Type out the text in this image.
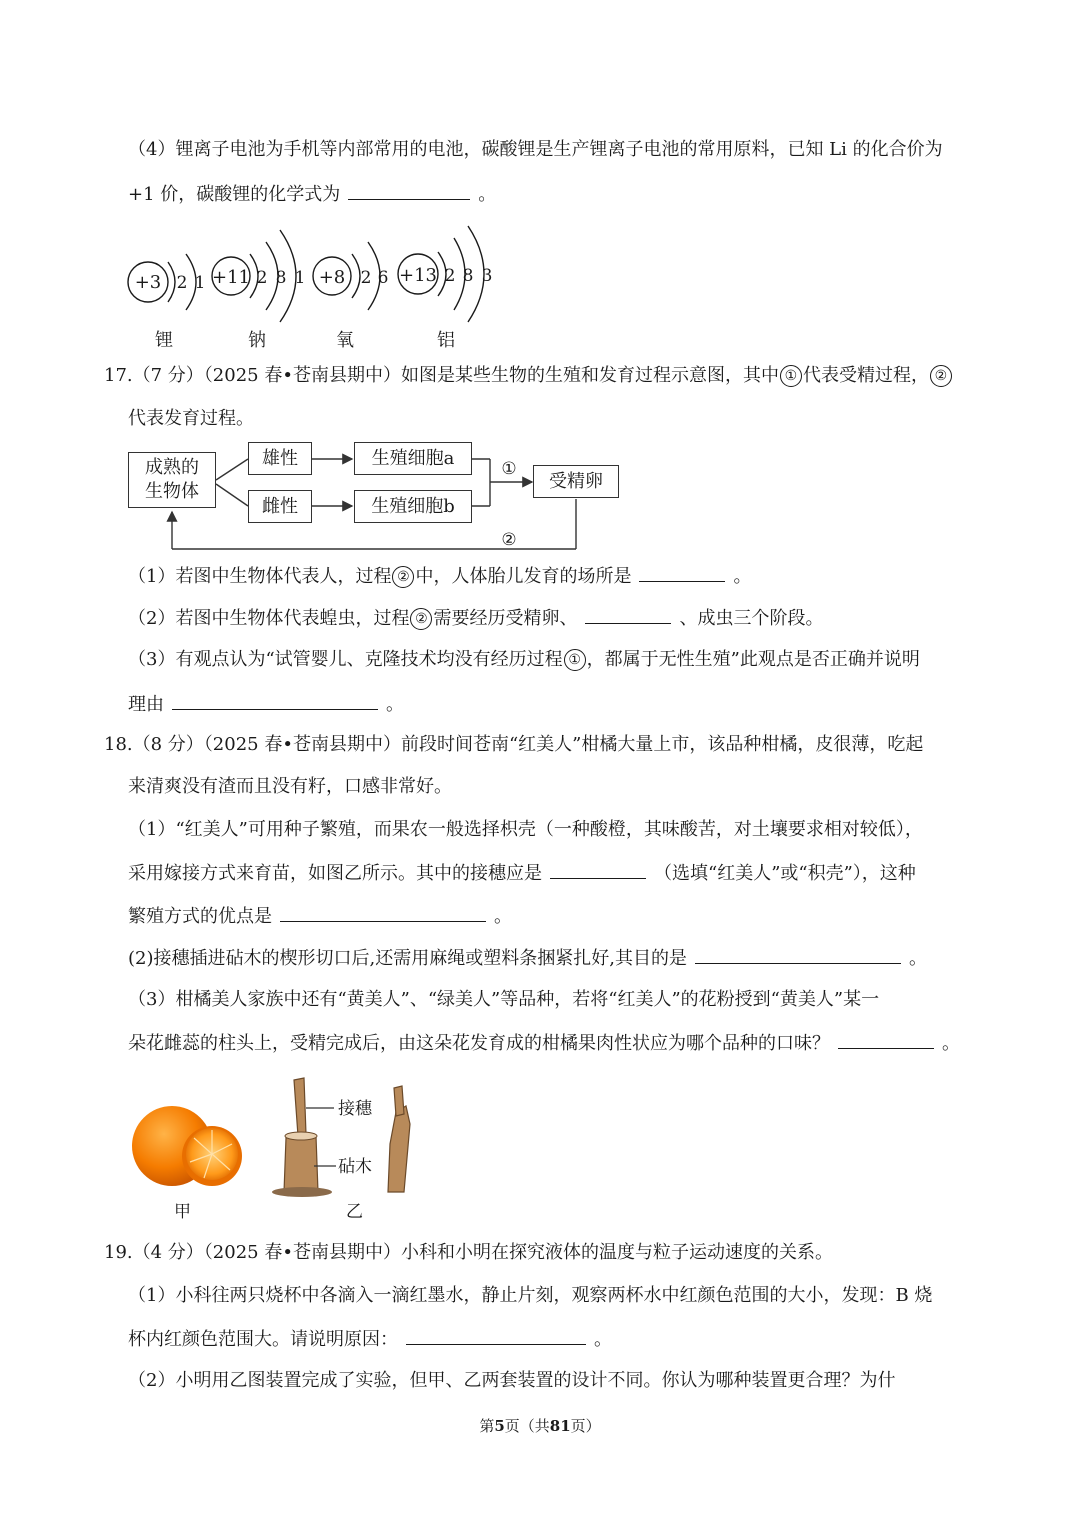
（4）锂离子电池为手机等内部常用的电池，碳酸锂是生产锂离子电池的常用原料，已知 Li 的化合价为
+1 价，碳酸锂的化学式为	。
+3 2 1 +11 2 8 1 +8 2 6 +13 2 8 3
锂	钠	氧	铝
17.（7 分）（2025 春•苍南县期中）如图是某些生物的生殖和发育过程示意图，其中 ① 代表受精过程， ②
代表发育过程。
①
②
成熟的生物体
雄性
雌性
生殖细胞a
生殖细胞b
受精卵
（1）若图中生物体代表人，过程 ② 中，人体胎儿发育的场所是	。
（2）若图中生物体代表蝗虫，过程 ② 需要经历受精卵、	、成虫三个阶段。
（3）有观点认为“试管婴儿、克隆技术均没有经历过程 ① ，都属于无性生殖”此观点是否正确并说明
理由	。
18.（8 分）（2025 春•苍南县期中）前段时间苍南“红美人”柑橘大量上市，该品种柑橘，皮很薄，吃起
来清爽没有渣而且没有籽，口感非常好。
（1）“红美人”可用种子繁殖，而果农一般选择枳壳（一种酸橙，其味酸苦，对土壤要求相对较低），
采用嫁接方式来育苗，如图乙所示。其中的接穗应是	（选填“红美人”或“积壳”），这种
繁殖方式的优点是	。
(2)接穗插进砧木的楔形切口后,还需用麻绳或塑料条捆紧扎好,其目的是	。
（3）柑橘美人家族中还有“黄美人”、“绿美人”等品种，若将“红美人”的花粉授到“黄美人”某一
朵花雌蕊的柱头上，受精完成后，由这朵花发育成的柑橘果肉性状应为哪个品种的口味？	。
接穗
砧木
甲	乙
19.（4 分）（2025 春•苍南县期中）小科和小明在探究液体的温度与粒子运动速度的关系。
（1）小科往两只烧杯中各滴入一滴红墨水，静止片刻，观察两杯水中红颜色范围的大小，发现：B 烧
杯内红颜色范围大。请说明原因：	。
（2）小明用乙图装置完成了实验，但甲、乙两套装置的设计不同。你认为哪种装置更合理？为什
第5页（共81页）
